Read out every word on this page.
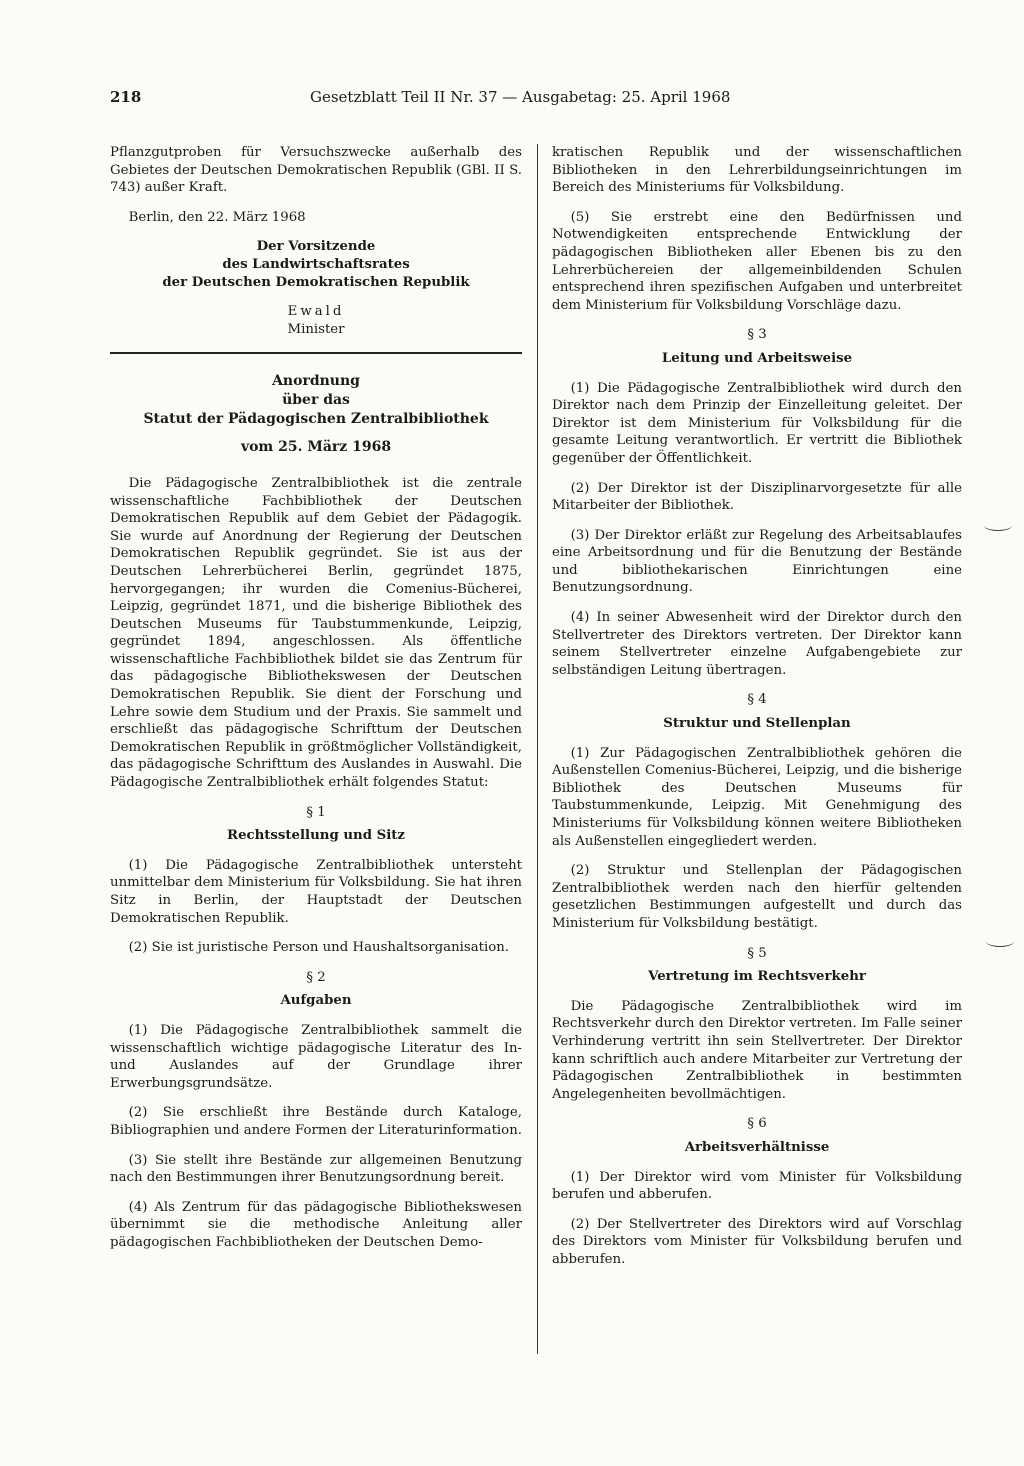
218	Gesetzblatt Teil II Nr. 37 — Ausgabetag: 25. April 1968

Pflanzgutproben für Versuchszwecke außerhalb des Gebietes der Deutschen Demokratischen Republik (GBl. II S. 743) außer Kraft.

Berlin, den 22. März 1968

Der Vorsitzende
des Landwirtschaftsrates
der Deutschen Demokratischen Republik
Ewald
Minister
Anordnung
über das
Statut der Pädagogischen Zentralbibliothek
vom 25. März 1968

Die Pädagogische Zentralbibliothek ist die zentrale wissenschaftliche Fachbibliothek der Deutschen Demokratischen Republik auf dem Gebiet der Pädagogik. Sie wurde auf Anordnung der Regierung der Deutschen Demokratischen Republik gegründet. Sie ist aus der Deutschen Lehrerbücherei Berlin, gegründet 1875, hervorgegangen; ihr wurden die Comenius-Bücherei, Leipzig, gegründet 1871, und die bisherige Bibliothek des Deutschen Museums für Taubstummenkunde, Leipzig, gegründet 1894, angeschlossen. Als öffentliche wissenschaftliche Fachbibliothek bildet sie das Zentrum für das pädagogische Bibliothekswesen der Deutschen Demokratischen Republik. Sie dient der Forschung und Lehre sowie dem Studium und der Praxis. Sie sammelt und erschließt das pädagogische Schrifttum der Deutschen Demokratischen Republik in größtmöglicher Vollständigkeit, das pädagogische Schrifttum des Auslandes in Auswahl. Die Pädagogische Zentralbibliothek erhält folgendes Statut:

§ 1
Rechtsstellung und Sitz

(1) Die Pädagogische Zentralbibliothek untersteht unmittelbar dem Ministerium für Volksbildung. Sie hat ihren Sitz in Berlin, der Hauptstadt der Deutschen Demokratischen Republik.

(2) Sie ist juristische Person und Haushaltsorganisation.

§ 2
Aufgaben

(1) Die Pädagogische Zentralbibliothek sammelt die wissenschaftlich wichtige pädagogische Literatur des In- und Auslandes auf der Grundlage ihrer Erwerbungsgrundsätze.

(2) Sie erschließt ihre Bestände durch Kataloge, Bibliographien und andere Formen der Literaturinformation.

(3) Sie stellt ihre Bestände zur allgemeinen Benutzung nach den Bestimmungen ihrer Benutzungsordnung bereit.

(4) Als Zentrum für das pädagogische Bibliothekswesen übernimmt sie die methodische Anleitung aller pädagogischen Fachbibliotheken der Deutschen Demo-

kratischen Republik und der wissenschaftlichen Bibliotheken in den Lehrerbildungseinrichtungen im Bereich des Ministeriums für Volksbildung.

(5) Sie erstrebt eine den Bedürfnissen und Notwendigkeiten entsprechende Entwicklung der pädagogischen Bibliotheken aller Ebenen bis zu den Lehrerbüchereien der allgemeinbildenden Schulen entsprechend ihren spezifischen Aufgaben und unterbreitet dem Ministerium für Volksbildung Vorschläge dazu.

§ 3
Leitung und Arbeitsweise

(1) Die Pädagogische Zentralbibliothek wird durch den Direktor nach dem Prinzip der Einzelleitung geleitet. Der Direktor ist dem Ministerium für Volksbildung für die gesamte Leitung verantwortlich. Er vertritt die Bibliothek gegenüber der Öffentlichkeit.

(2) Der Direktor ist der Disziplinarvorgesetzte für alle Mitarbeiter der Bibliothek.

(3) Der Direktor erläßt zur Regelung des Arbeitsablaufes eine Arbeitsordnung und für die Benutzung der Bestände und bibliothekarischen Einrichtungen eine Benutzungsordnung.

(4) In seiner Abwesenheit wird der Direktor durch den Stellvertreter des Direktors vertreten. Der Direktor kann seinem Stellvertreter einzelne Aufgabengebiete zur selbständigen Leitung übertragen.

§ 4
Struktur und Stellenplan

(1) Zur Pädagogischen Zentralbibliothek gehören die Außenstellen Comenius-Bücherei, Leipzig, und die bisherige Bibliothek des Deutschen Museums für Taubstummenkunde, Leipzig. Mit Genehmigung des Ministeriums für Volksbildung können weitere Bibliotheken als Außenstellen eingegliedert werden.

(2) Struktur und Stellenplan der Pädagogischen Zentralbibliothek werden nach den hierfür geltenden gesetzlichen Bestimmungen aufgestellt und durch das Ministerium für Volksbildung bestätigt.

§ 5
Vertretung im Rechtsverkehr

Die Pädagogische Zentralbibliothek wird im Rechtsverkehr durch den Direktor vertreten. Im Falle seiner Verhinderung vertritt ihn sein Stellvertreter. Der Direktor kann schriftlich auch andere Mitarbeiter zur Vertretung der Pädagogischen Zentralbibliothek in bestimmten Angelegenheiten bevollmächtigen.

§ 6
Arbeitsverhältnisse

(1) Der Direktor wird vom Minister für Volksbildung berufen und abberufen.

(2) Der Stellvertreter des Direktors wird auf Vorschlag des Direktors vom Minister für Volksbildung berufen und abberufen.
